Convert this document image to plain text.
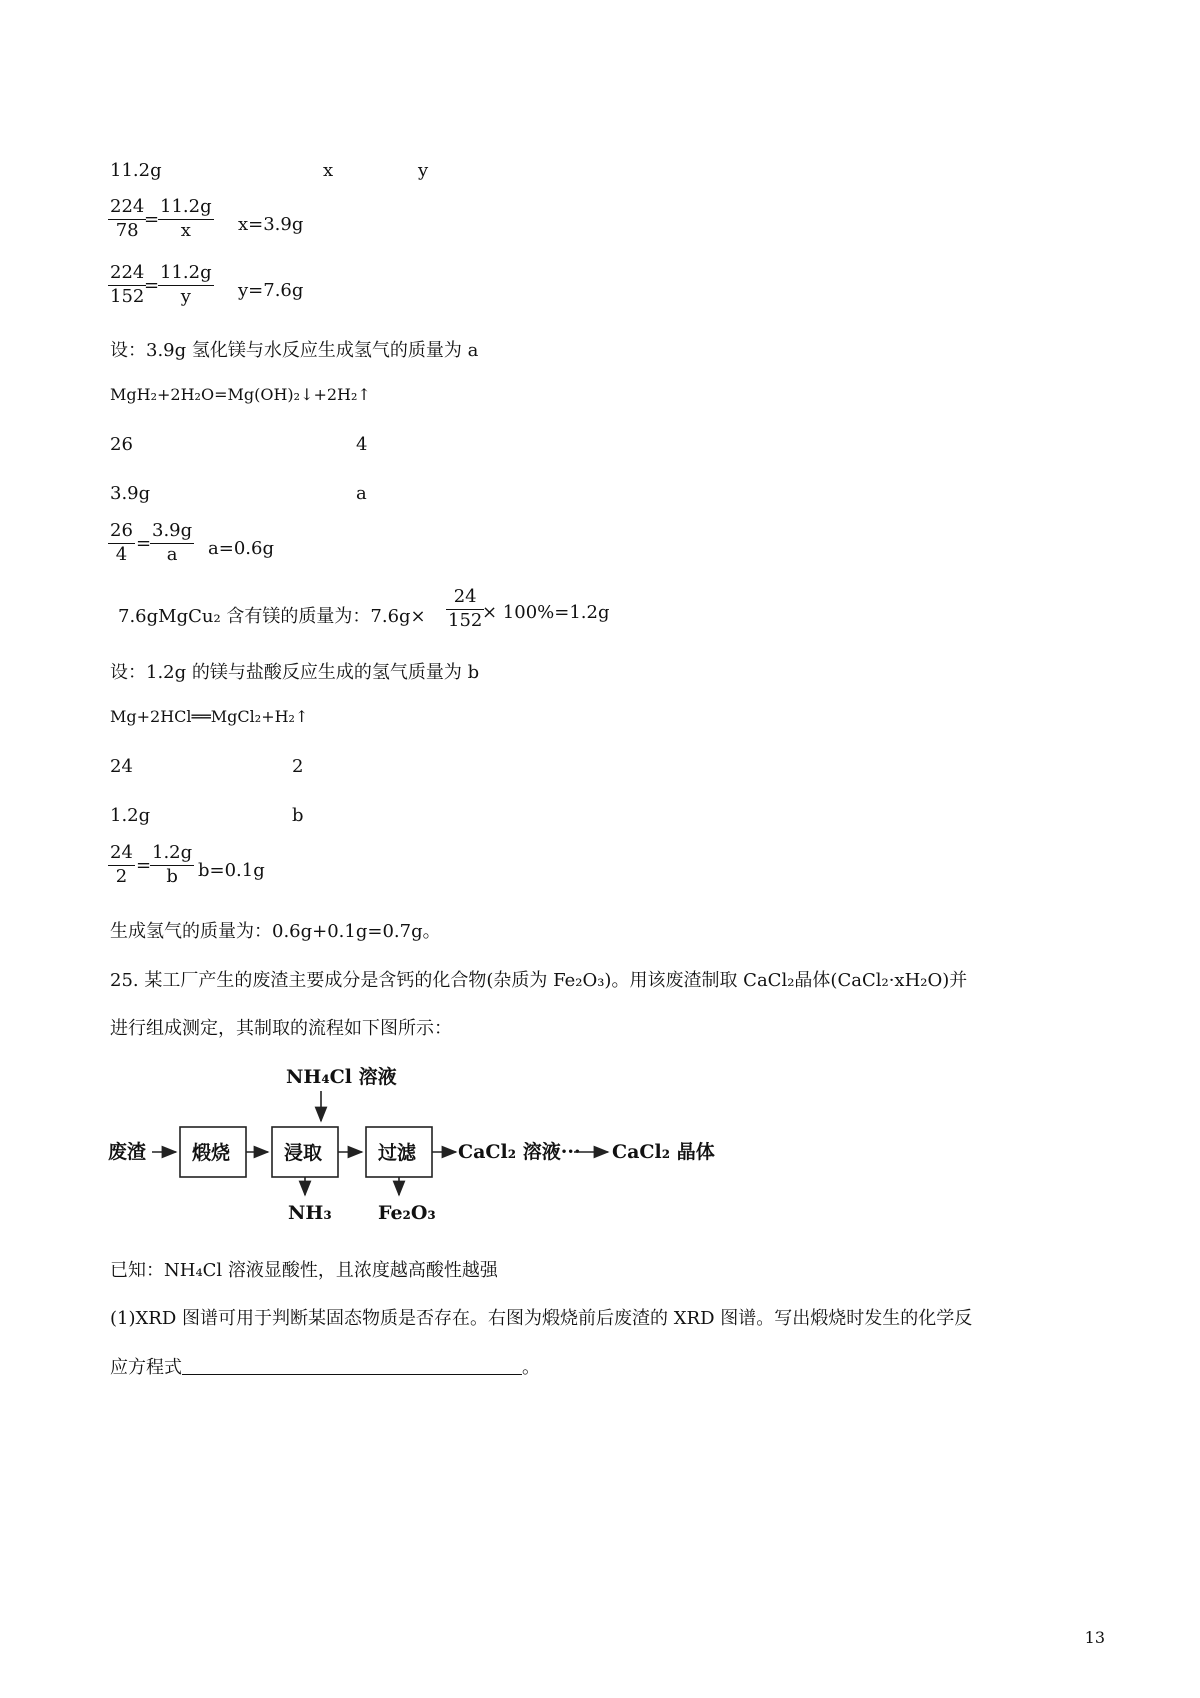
11.2g	x	y
$\frac{224}{78}$
=
$\frac{11.2g}{x} x=3.9g$
$\frac{224}{152}$
=
$\frac{11.2g}{y} y=7.6g$
设：3.9g 氢化镁与水反应生成氢气的质量为 a
MgH₂+2H₂O=Mg(OH)₂↓+2H₂↑
26	4
3.9g	a
$\frac{26}{4}$ =
$\frac{3.9g}{a} a=0.6g$
7.6gMgCu₂ 含有镁的质量为：$7.6g\times \frac{24}{152}$
× 100%=1.2g
设：1.2g 的镁与盐酸反应生成的氢气质量为 b
Mg+2HCl══MgCl₂+H₂↑
24	2
1.2g	b
$\frac{24}{2}$ =
$\frac{1.2g}{b} b=0.1g$
生成氢气的质量为：0.6g+0.1g=0.7g。
25. 某工厂产生的废渣主要成分是含钙的化合物(杂质为 Fe₂O₃)。用该废渣制取 CaCl₂晶体(CaCl₂·xH₂O)并
进行组成测定，其制取的流程如下图所示：
NH₄Cl 溶液
废渣 煅烧	浸取
NH₃
过滤
Fe₂O₃
CaCl₂ 溶液··· CaCl₂ 晶体
已知：NH₄Cl 溶液显酸性，且浓度越高酸性越强
(1)XRD 图谱可用于判断某固态物质是否存在。右图为煅烧前后废渣的 XRD 图谱。写出煅烧时发生的化学反
应方程式	。
13
